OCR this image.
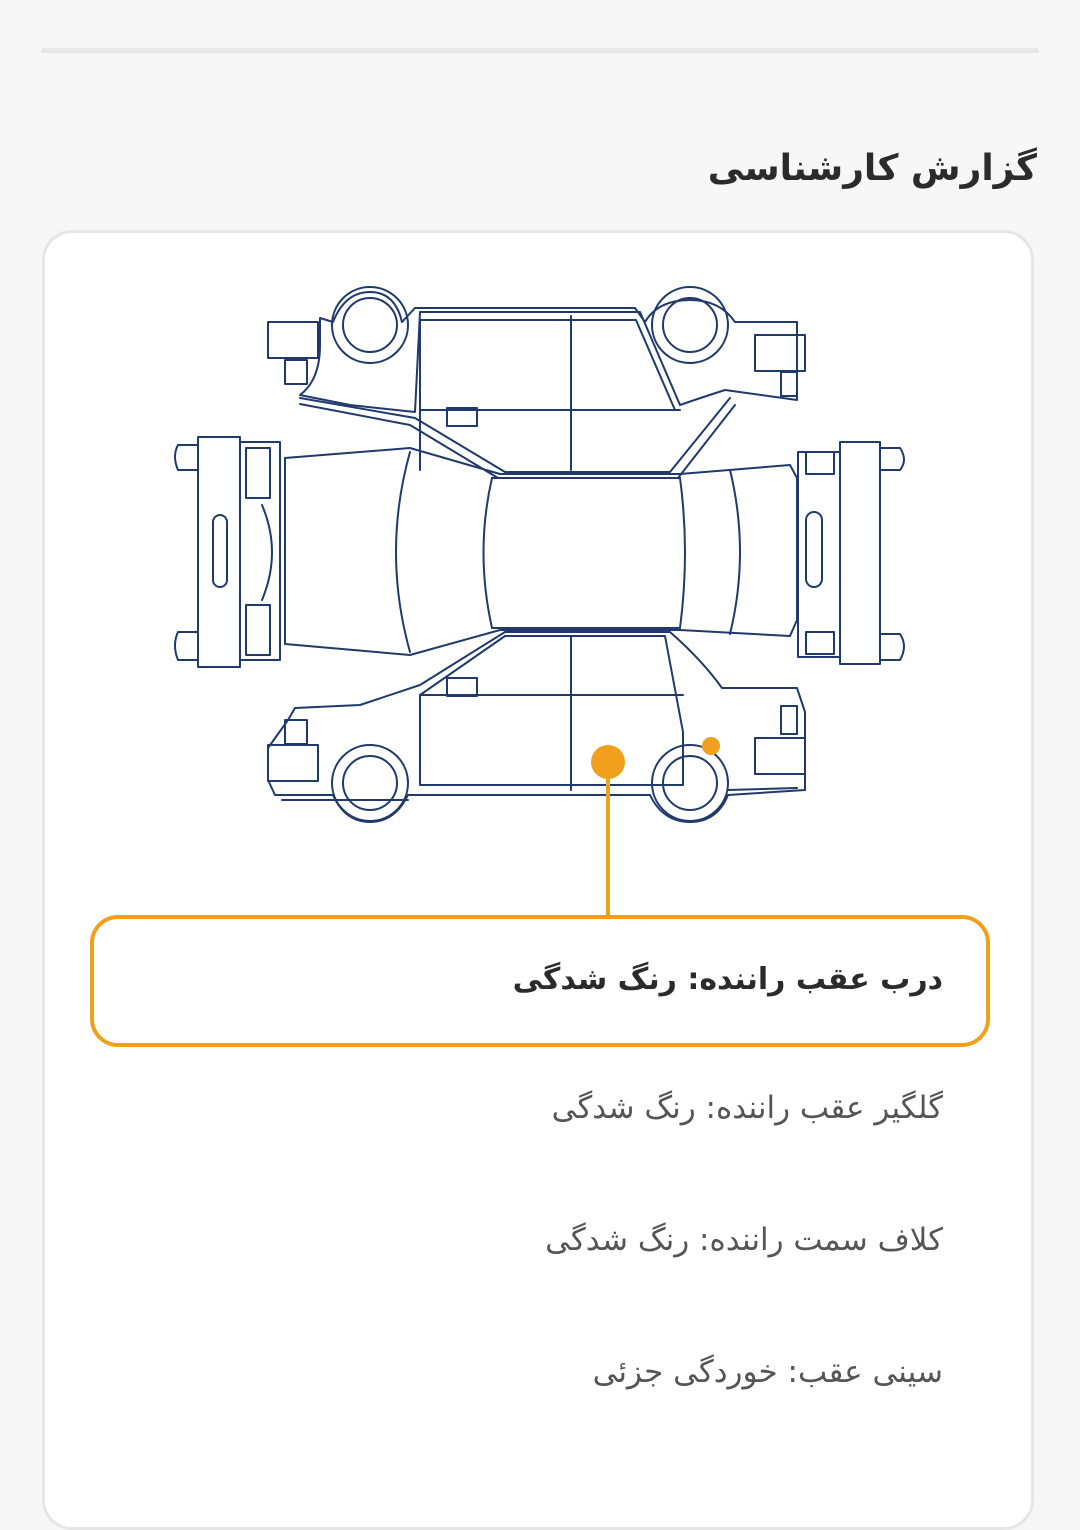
گزارش کارشناسی
درب عقب راننده: رنگ شدگی
گلگیر عقب راننده: رنگ شدگی
کلاف سمت راننده: رنگ شدگی
سینی عقب: خوردگی جزئی
